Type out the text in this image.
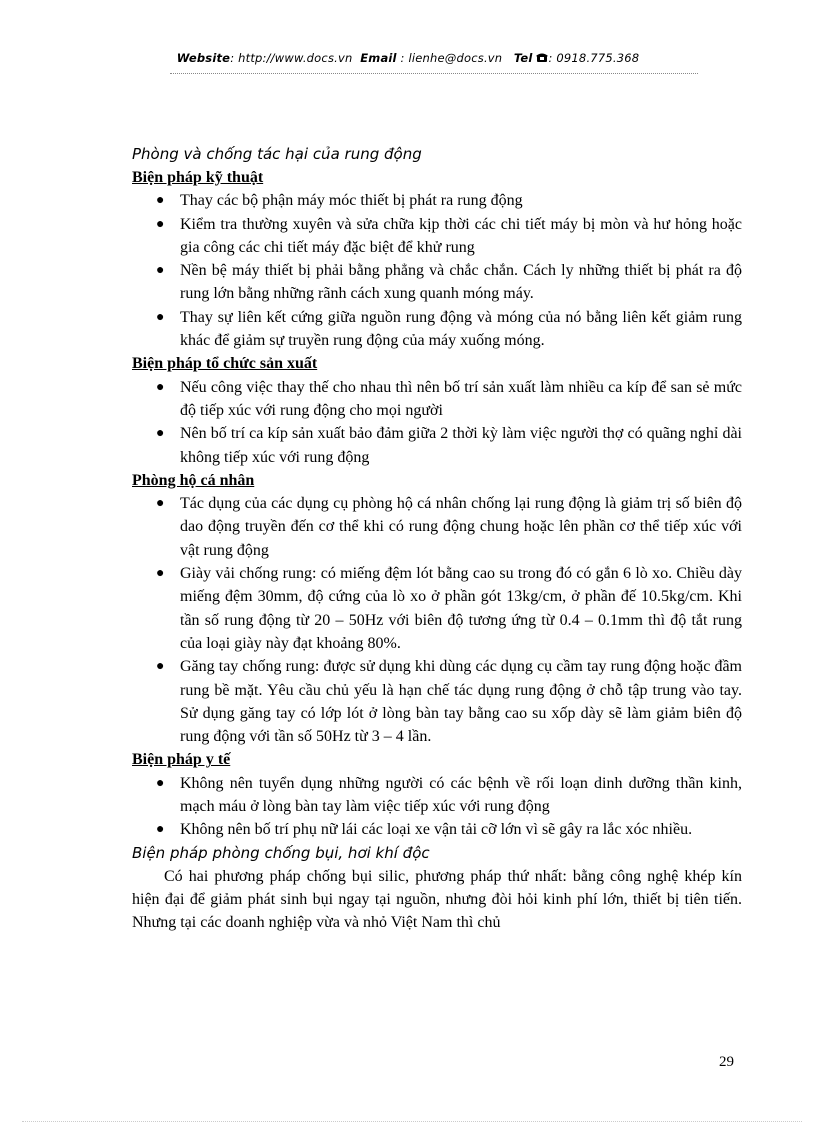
Website: http://www.docs.vn Email : lienhe@docs.vn Tel : 0918.775.368
Phòng và chống tác hại của rung động
Biện pháp kỹ thuật
● Thay các bộ phận máy móc thiết bị phát ra rung động
● Kiểm tra thường xuyên và sửa chữa kịp thời các chi tiết máy bị mòn và hư hỏng hoặc gia công các chi tiết máy đặc biệt để khử rung
● Nền bệ máy thiết bị phải bằng phẳng và chắc chắn. Cách ly những thiết bị phát ra độ rung lớn bằng những rãnh cách xung quanh móng máy.
● Thay sự liên kết cứng giữa nguồn rung động và móng của nó bằng liên kết giảm rung khác để giảm sự truyền rung động của máy xuống móng.
Biện pháp tổ chức sản xuất
● Nếu công việc thay thế cho nhau thì nên bố trí sản xuất làm nhiều ca kíp để san sẻ mức độ tiếp xúc với rung động cho mọi người
● Nên bố trí ca kíp sản xuất bảo đảm giữa 2 thời kỳ làm việc người thợ có quãng nghỉ dài không tiếp xúc với rung động
Phòng hộ cá nhân
● Tác dụng của các dụng cụ phòng hộ cá nhân chống lại rung động là giảm trị số biên độ dao động truyền đến cơ thể khi có rung động chung hoặc lên phần cơ thể tiếp xúc với vật rung động
● Giày vải chống rung: có miếng đệm lót bằng cao su trong đó có gắn 6 lò xo. Chiều dày miếng đệm 30mm, độ cứng của lò xo ở phần gót 13kg/cm, ở phần đế 10.5kg/cm. Khi tần số rung động từ 20 – 50Hz với biên độ tương ứng từ 0.4 – 0.1mm thì độ tắt rung của loại giày này đạt khoảng 80%.
● Găng tay chống rung: được sử dụng khi dùng các dụng cụ cầm tay rung động hoặc đầm rung bề mặt. Yêu cầu chủ yếu là hạn chế tác dụng rung động ở chỗ tập trung vào tay. Sử dụng găng tay có lớp lót ở lòng bàn tay bằng cao su xốp dày sẽ làm giảm biên độ rung động với tần số 50Hz từ 3 – 4 lần.
Biện pháp y tế
● Không nên tuyển dụng những người có các bệnh về rối loạn dinh dưỡng thần kinh, mạch máu ở lòng bàn tay làm việc tiếp xúc với rung động
● Không nên bố trí phụ nữ lái các loại xe vận tải cỡ lớn vì sẽ gây ra lắc xóc nhiều.
Biện pháp phòng chống bụi, hơi khí độc

Có hai phương pháp chống bụi silic, phương pháp thứ nhất: bằng công nghệ khép kín hiện đại để giảm phát sinh bụi ngay tại nguồn, nhưng đòi hỏi kinh phí lớn, thiết bị tiên tiến. Nhưng tại các doanh nghiệp vừa và nhỏ Việt Nam thì chủ

29
